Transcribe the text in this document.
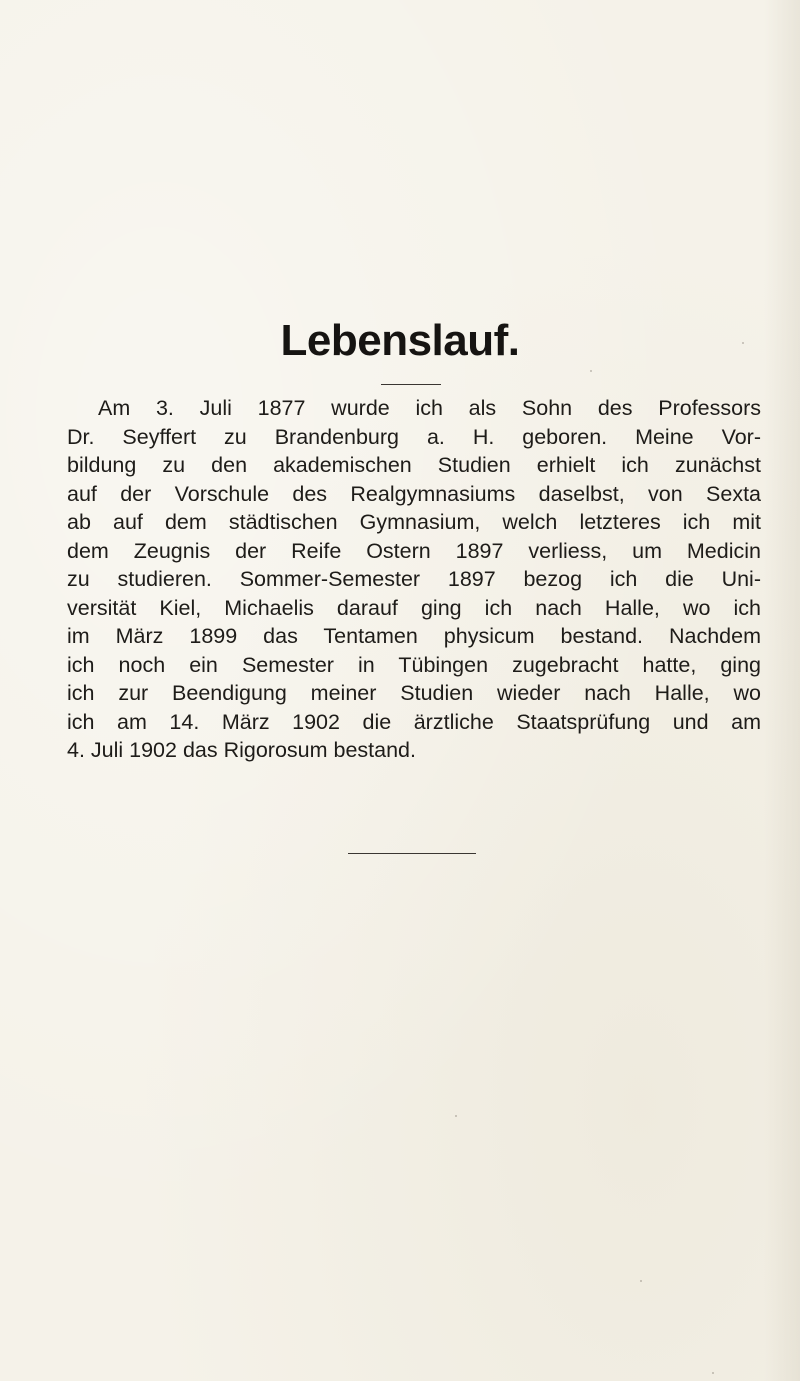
Lebenslauf.
Am 3. Juli 1877 wurde ich als Sohn des Professors
Dr. Seyffert zu Brandenburg a. H. geboren. Meine Vor-
bildung zu den akademischen Studien erhielt ich zunächst
auf der Vorschule des Realgymnasiums daselbst, von Sexta
ab auf dem städtischen Gymnasium, welch letzteres ich mit
dem Zeugnis der Reife Ostern 1897 verliess, um Medicin
zu studieren. Sommer-Semester 1897 bezog ich die Uni-
versität Kiel, Michaelis darauf ging ich nach Halle, wo ich
im März 1899 das Tentamen physicum bestand. Nachdem
ich noch ein Semester in Tübingen zugebracht hatte, ging
ich zur Beendigung meiner Studien wieder nach Halle, wo
ich am 14. März 1902 die ärztliche Staatsprüfung und am
4. Juli 1902 das Rigorosum bestand.
